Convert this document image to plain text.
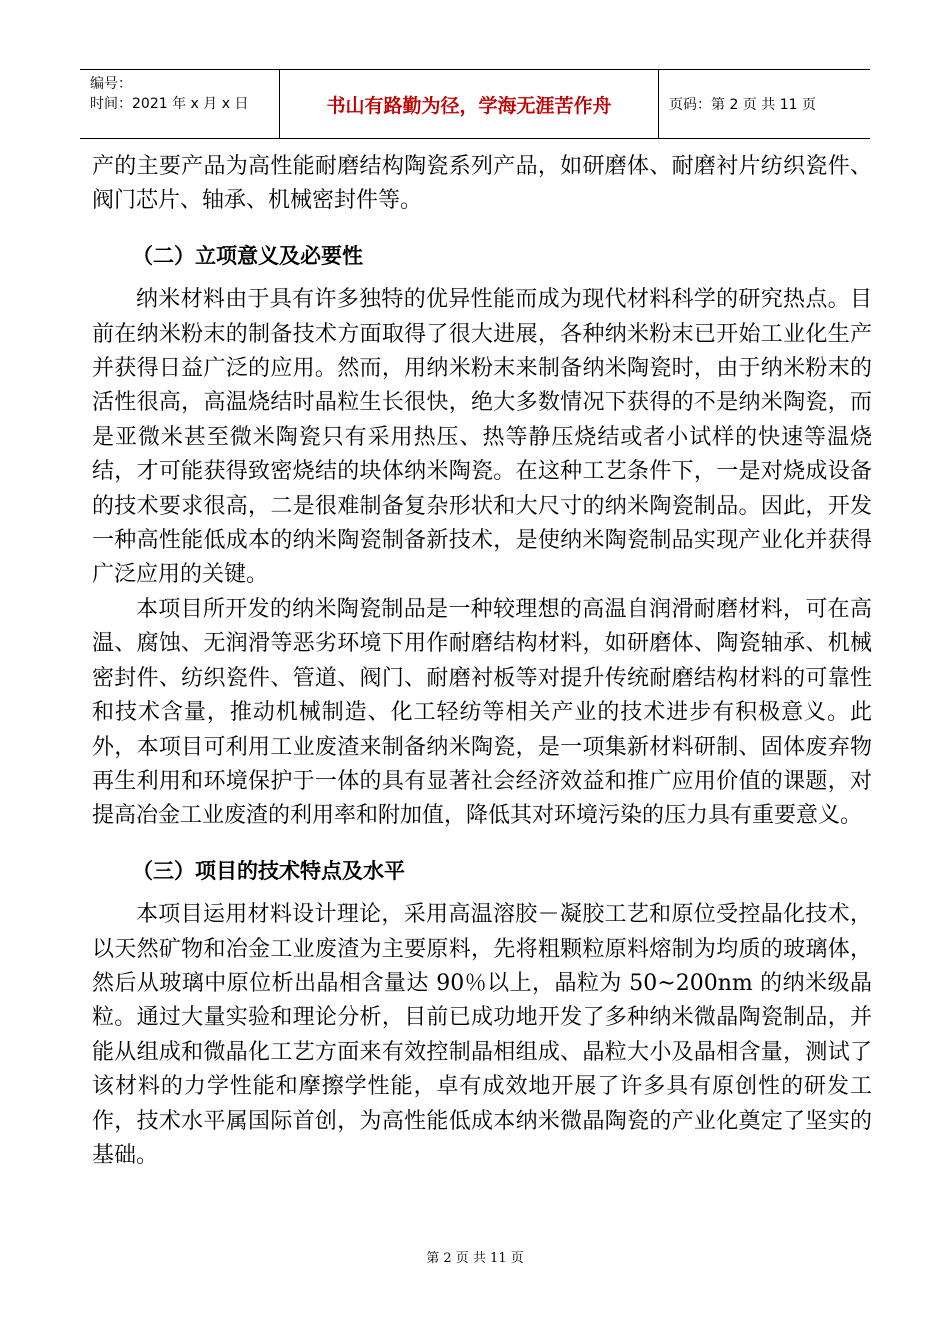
编号：
时间：2021 年 x 月 x 日	书山有路勤为径，学海无涯苦作舟	页码：第 2 页 共 11 页

产的主要产品为高性能耐磨结构陶瓷系列产品，如研磨体、耐磨衬片纺织瓷件、阀门芯片、轴承、机械密封件等。

（二）立项意义及必要性

纳米材料由于具有许多独特的优异性能而成为现代材料科学的研究热点。目前在纳米粉末的制备技术方面取得了很大进展，各种纳米粉末已开始工业化生产并获得日益广泛的应用。然而，用纳米粉末来制备纳米陶瓷时，由于纳米粉末的活性很高，高温烧结时晶粒生长很快，绝大多数情况下获得的不是纳米陶瓷，而是亚微米甚至微米陶瓷只有采用热压、热等静压烧结或者小试样的快速等温烧结，才可能获得致密烧结的块体纳米陶瓷。在这种工艺条件下，一是对烧成设备的技术要求很高，二是很难制备复杂形状和大尺寸的纳米陶瓷制品。因此，开发一种高性能低成本的纳米陶瓷制备新技术，是使纳米陶瓷制品实现产业化并获得广泛应用的关键。

本项目所开发的纳米陶瓷制品是一种较理想的高温自润滑耐磨材料，可在高温、腐蚀、无润滑等恶劣环境下用作耐磨结构材料，如研磨体、陶瓷轴承、机械密封件、纺织瓷件、管道、阀门、耐磨衬板等对提升传统耐磨结构材料的可靠性和技术含量，推动机械制造、化工轻纺等相关产业的技术进步有积极意义。此外，本项目可利用工业废渣来制备纳米陶瓷，是一项集新材料研制、固体废弃物再生利用和环境保护于一体的具有显著社会经济效益和推广应用价值的课题，对提高冶金工业废渣的利用率和附加值，降低其对环境污染的压力具有重要意义。

（三）项目的技术特点及水平

本项目运用材料设计理论，采用高温溶胶－凝胶工艺和原位受控晶化技术，以天然矿物和冶金工业废渣为主要原料，先将粗颗粒原料熔制为均质的玻璃体，然后从玻璃中原位析出晶相含量达 90％以上，晶粒为 50~200nm 的纳米级晶粒。通过大量实验和理论分析，目前已成功地开发了多种纳米微晶陶瓷制品，并能从组成和微晶化工艺方面来有效控制晶相组成、晶粒大小及晶相含量，测试了该材料的力学性能和摩擦学性能，卓有成效地开展了许多具有原创性的研发工作，技术水平属国际首创，为高性能低成本纳米微晶陶瓷的产业化奠定了坚实的基础。

第 2 页 共 11 页
